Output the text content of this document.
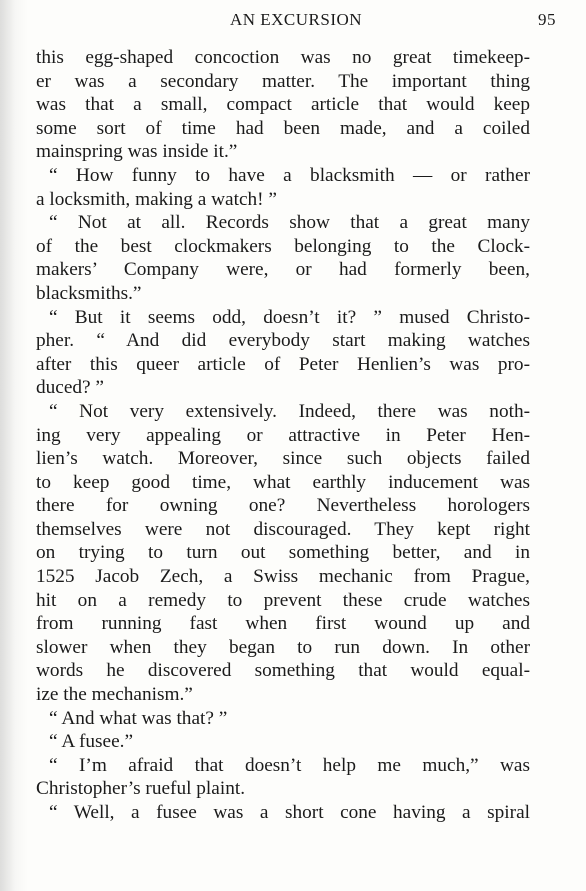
AN EXCURSION	95
this egg-shaped concoction was no great timekeep-
er was a secondary matter. The important thing
was that a small, compact article that would keep
some sort of time had been made, and a coiled
mainspring was inside it.”
“ How funny to have a blacksmith — or rather
a locksmith, making a watch! ”
“ Not at all. Records show that a great many
of the best clockmakers belonging to the Clock-
makers’ Company were, or had formerly been,
blacksmiths.”
“ But it seems odd, doesn’t it? ” mused Christo-
pher. “ And did everybody start making watches
after this queer article of Peter Henlien’s was pro-
duced? ”
“ Not very extensively. Indeed, there was noth-
ing very appealing or attractive in Peter Hen-
lien’s watch. Moreover, since such objects failed
to keep good time, what earthly inducement was
there for owning one? Nevertheless horologers
themselves were not discouraged. They kept right
on trying to turn out something better, and in
1525 Jacob Zech, a Swiss mechanic from Prague,
hit on a remedy to prevent these crude watches
from running fast when first wound up and
slower when they began to run down. In other
words he discovered something that would equal-
ize the mechanism.”
“ And what was that? ”
“ A fusee.”
“ I’m afraid that doesn’t help me much,” was
Christopher’s rueful plaint.
“ Well, a fusee was a short cone having a spiral
